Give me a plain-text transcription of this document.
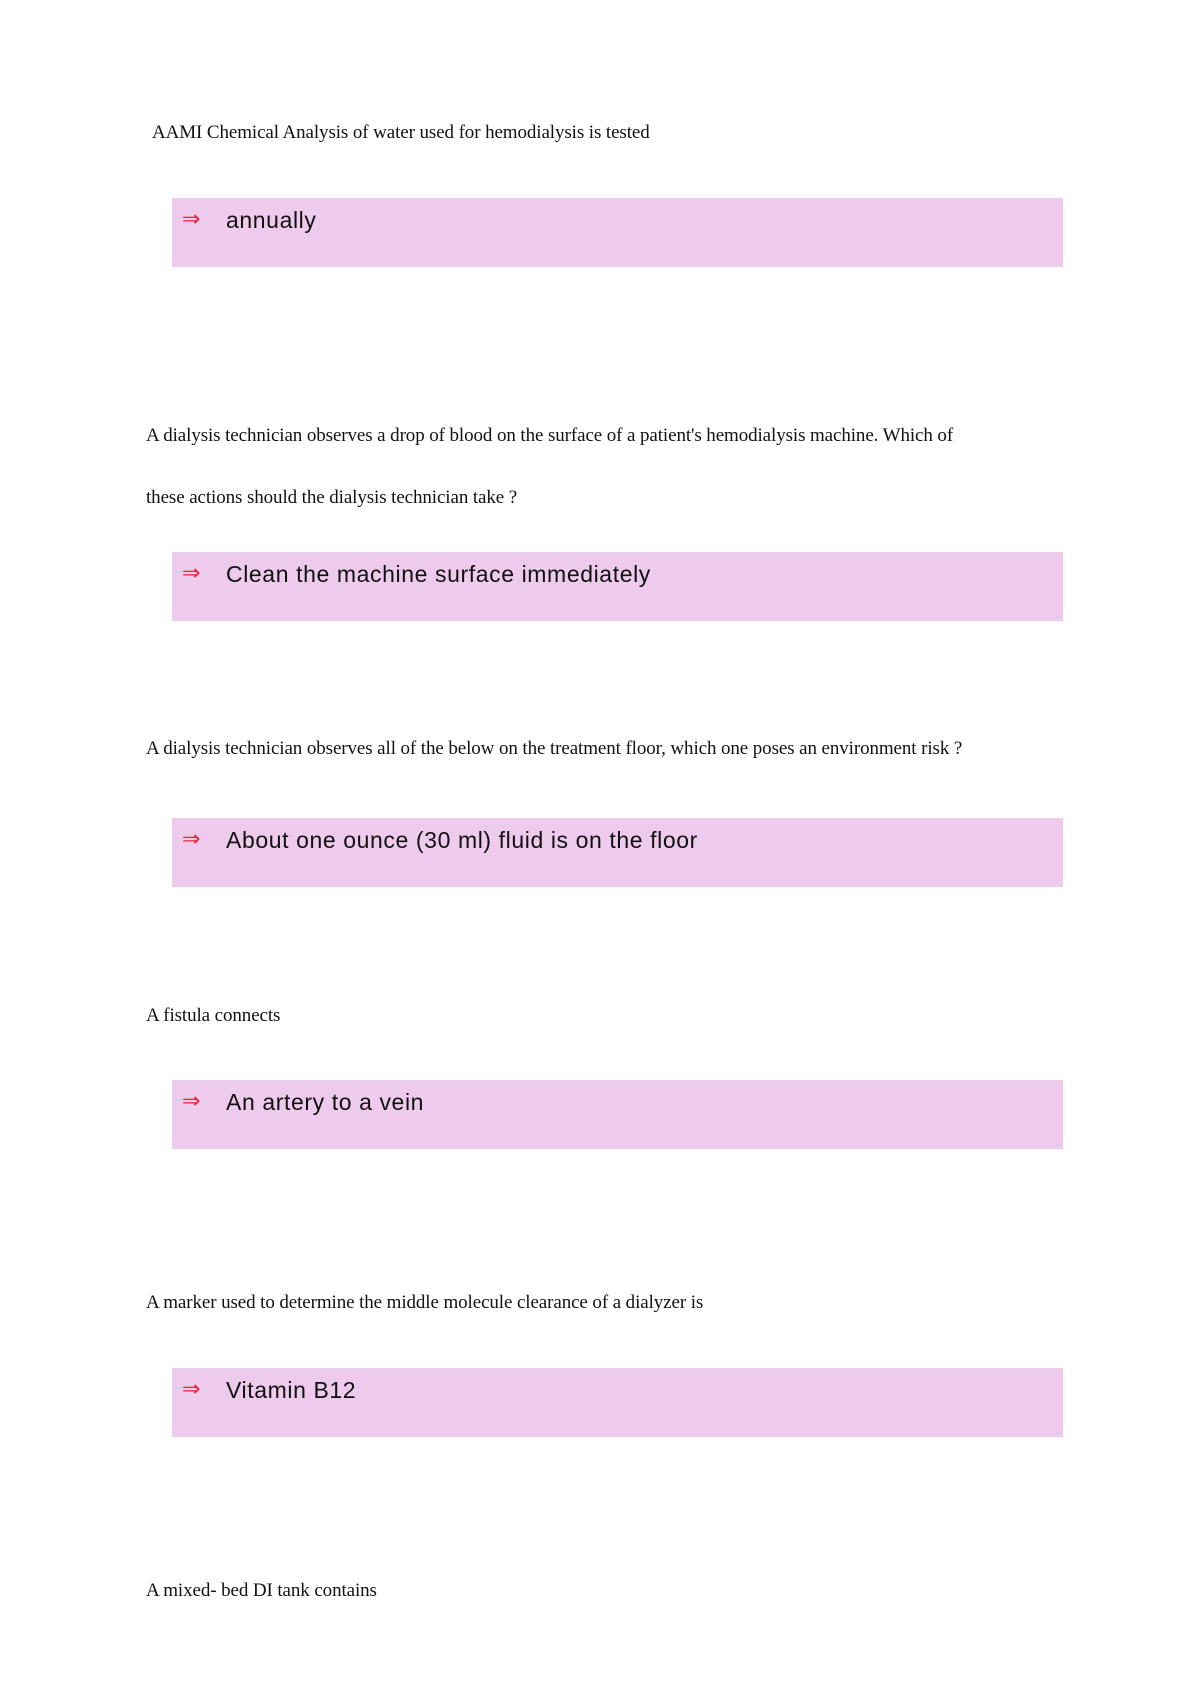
AAMI Chemical Analysis of water used for hemodialysis is tested

⇒ annually

A dialysis technician observes a drop of blood on the surface of a patient's hemodialysis machine. Which of
these actions should the dialysis technician take ?

⇒ Clean the machine surface immediately

A dialysis technician observes all of the below on the treatment floor, which one poses an environment risk ?

⇒ About one ounce (30 ml) fluid is on the floor

A fistula connects

⇒ An artery to a vein

A marker used to determine the middle molecule clearance of a dialyzer is

⇒ Vitamin B12

A mixed- bed DI tank contains
